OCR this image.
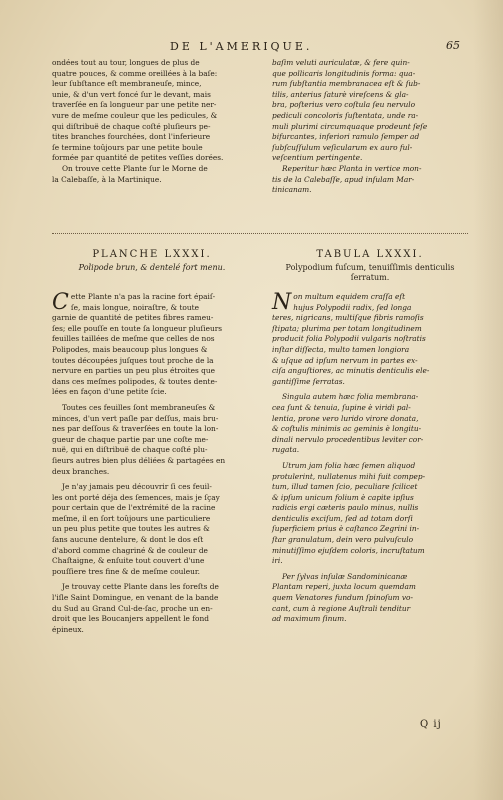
DE L'AMERIQUE.	65

ondées tout au tour, longues de plus de

quatre pouces, & comme oreillées à la baſe:

leur ſubſtance eſt membraneuſe, mince,

unie, & d'un vert foncé ſur le devant, mais

traverſée en ſa longueur par une petite ner-

vure de meſme couleur que les pedicules, &

qui diſtribuë de chaque coſté pluſieurs pe-

tites branches fourchées, dont l'inferieure

ſe termine toûjours par une petite boule

formée par quantité de petites veſſies dorées.

On trouve cette Plante ſur le Morne de

la Calebaſſe, à la Martinique.

baſim veluti auriculatæ, & fere quin-

que pollicaris longitudinis forma: qua-

rum ſubſtantia membranacea eſt & ſub-

tilis, anterius ſaturè vireſcens & gla-

bra, poſterius vero coſtula ſeu nervulo

pediculi concoloris ſuſtentata, unde ra-

muli plurimi circumquaque prodeunt ſeſe

bifurcantes, inferiori ramulo ſemper ad

ſubſcuſſulum veſicularum ex auro ful-

veſcentium pertingente.

Reperitur hæc Planta in vertice mon-

tis de la Calebaſſe, apud inſulam Mar-

tinicanam.

PLANCHE LXXXI.	TABULA LXXXI.
Polipode brun, & dentelé fort menu.	Polypodium fuſcum, tenuiſſimis denticulis ſerratum.
C ette Plante n'a pas la racine fort épaiſ-

ſe, mais longue, noiraſtre, & toute

garnie de quantité de petites fibres rameu-

ſes; elle pouſſe en toute ſa longueur pluſieurs

feuilles taillées de meſme que celles de nos

Polipodes, mais beaucoup plus longues &

toutes découpées juſques tout proche de la

nervure en parties un peu plus étroites que

dans ces meſmes polipodes, & toutes dente-

lées en façon d'une petite ſcie.

Toutes ces feuilles ſont membraneuſes &

minces, d'un vert paſle par deſſus, mais bru-

nes par deſſous & traverſées en toute la lon-

gueur de chaque partie par une coſte me-

nuë, qui en diſtribuë de chaque coſté plu-

ſieurs autres bien plus déliées & partagées en

deux branches.

Je n'ay jamais peu découvrir ſi ces feuil-

les ont porté déja des ſemences, mais je ſçay

pour certain que de l'extrémité de la racine

meſme, il en ſort toûjours une particuliere

un peu plus petite que toutes les autres &

ſans aucune dentelure, & dont le dos eſt

d'abord comme chagriné & de couleur de

Chaſtaigne, & enſuite tout couvert d'une

pouſſiere tres fine & de meſme couleur.

Je trouvay cette Plante dans les foreſts de

l'iſle Saint Domingue, en venant de la bande

du Sud au Grand Cul-de-ſac, proche un en-

droit que les Boucanjers appellent le fond

épineux.

N on multum equidem craſſa eſt

hujus Polypodii radix, ſed longa

teres, nigricans, multiſque fibris ramoſis

ſtipata; plurima per totam longitudinem

producit folia Polypodii vulgaris noſtratis

inſtar diſſecta, multo tamen longiora

& uſque ad ipſum nervum in partes ex-

ciſa anguſtiores, ac minutis denticulis ele-

gantiſſime ſerratas.

Singula autem hæc folia membrana-

cea ſunt & tenuia, ſupine è viridi pal-

lentia, prone vero lurido virore donata,

& coſtulis minimis ac geminis è longitu-

dinali nervulo procedentibus leviter cor-

rugata.

Utrum jam folia hæc ſemen aliquod

protulerint, nullatenus mihi fuit compер-

tum, illud tamen ſcio, peculiare ſcilicet

& ipſum unicum folium è capite ipſius

radicis ergi cæteris paulo minus, nullis

denticulis exciſum, ſed ad totam dorſi

ſuperficiem prius è caſtanco Zegrini in-

ſtar granulatum, dein vero pulvuſculo

minutiſſimo ejuſdem coloris, incruſtatum

iri.

Per ſylvas inſulæ Sandominicanæ

Plantam reperi, juxta locum quemdam

quem Venatores fundum ſpinoſum vo-

cant, cum à regione Auſtrali tenditur

ad maximum ſinum.

Q ij
